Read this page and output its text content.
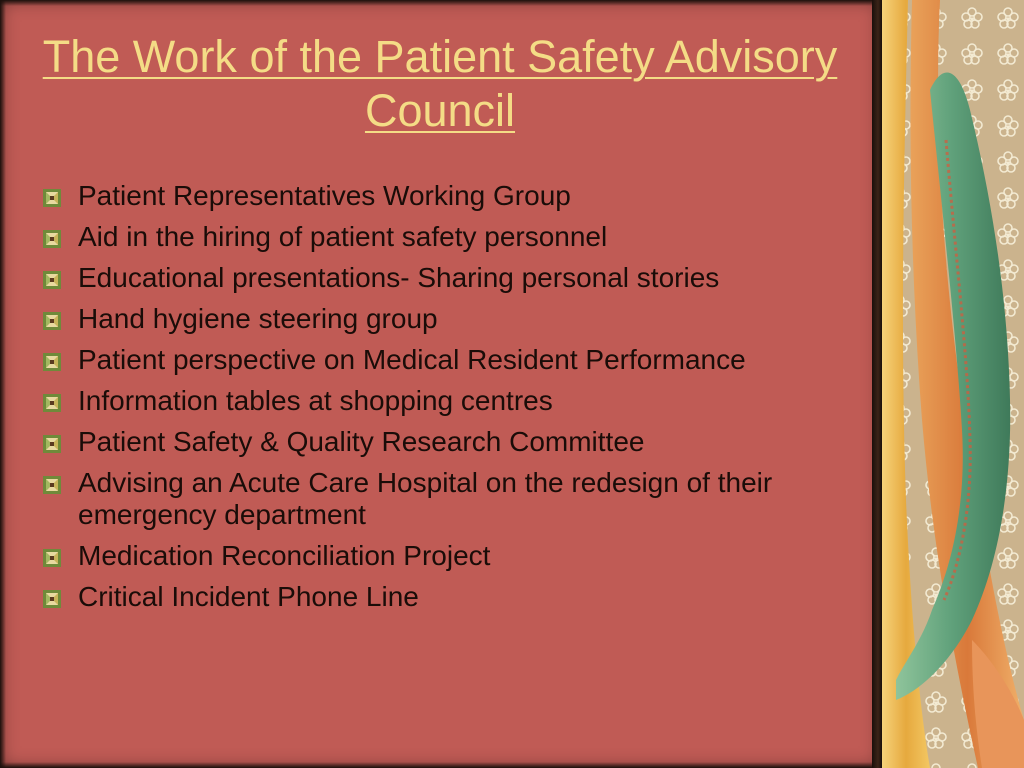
The Work of the Patient Safety Advisory Council
Patient Representatives Working Group
Aid in the hiring of patient safety personnel
Educational presentations- Sharing personal stories
Hand hygiene steering group
Patient perspective on Medical Resident Performance
Information tables at shopping centres
Patient Safety & Quality Research Committee
Advising an Acute Care Hospital on the redesign of their emergency department
Medication Reconciliation Project
Critical Incident Phone Line
